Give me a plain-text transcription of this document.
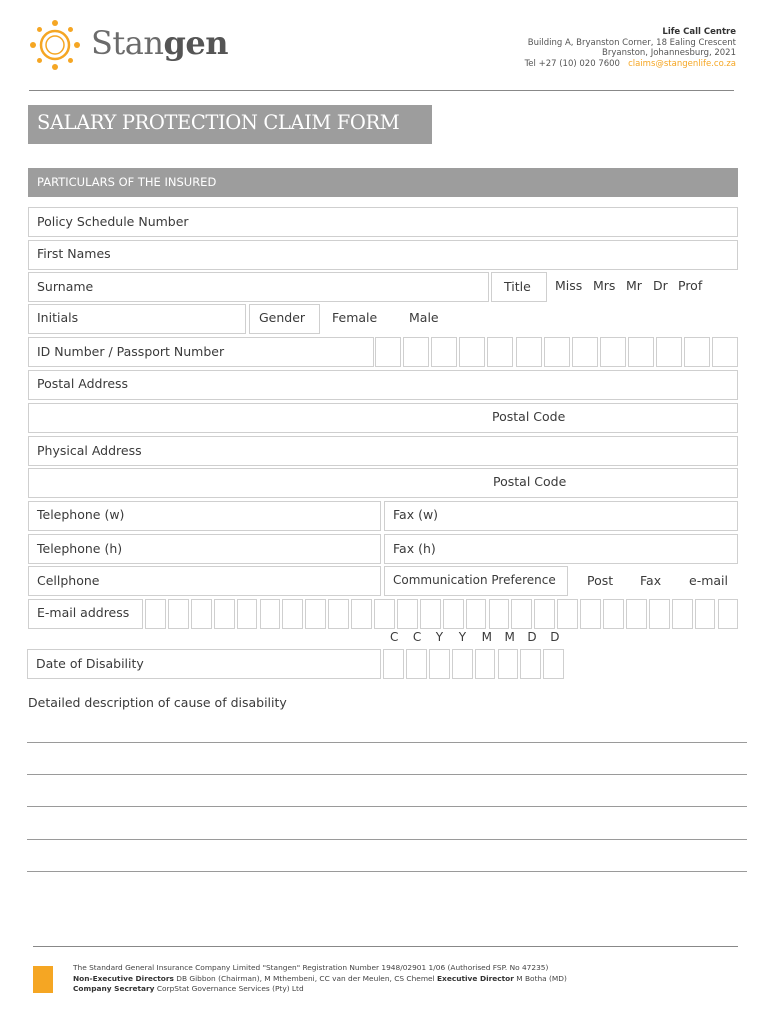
Stangen	Life Call Centre
Building A, Bryanston Corner, 18 Ealing Crescent
Bryanston, Johannesburg, 2021
Tel +27 (10) 020 7600 claims@stangenlife.co.za
SALARY PROTECTION CLAIM FORM
PARTICULARS OF THE INSURED
Policy Schedule Number
First Names
Surname	Title Miss Mrs Mr Dr Prof
Initials	Gender Female	Male
ID Number / Passport Number
Postal Address
Postal Code
Physical Address
Postal Code
Telephone (w)	Fax (w)
Telephone (h)	Fax (h)
Cellphone	Communication Preference	Post Fax e-mail
E-mail address
C C Y Y M M D D
Date of Disability
Detailed description of cause of disability
The Standard General Insurance Company Limited "Stangen" Registration Number 1948/02901 1/06 (Authorised FSP. No 47235)
Non-Executive Directors DB Gibbon (Chairman), M Mthembeni, CC van der Meulen, CS Chemel Executive Director M Botha (MD)
Company Secretary CorpStat Governance Services (Pty) Ltd
